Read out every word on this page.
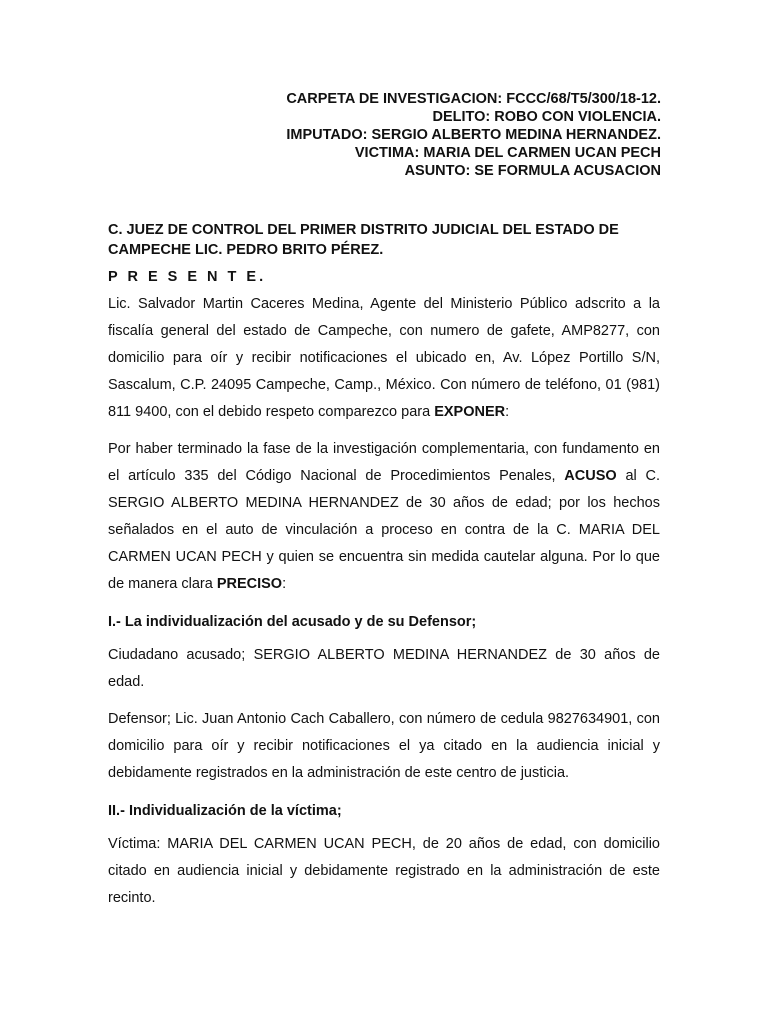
CARPETA DE INVESTIGACION: FCCC/68/T5/300/18-12.
DELITO: ROBO CON VIOLENCIA.
IMPUTADO: SERGIO ALBERTO MEDINA HERNANDEZ.
VICTIMA: MARIA DEL CARMEN UCAN PECH
ASUNTO: SE FORMULA ACUSACION

C. JUEZ DE CONTROL DEL PRIMER DISTRITO JUDICIAL DEL ESTADO DE
CAMPECHE LIC. PEDRO BRITO PÉREZ.

P R E S E N T E.

Lic. Salvador Martin Caceres Medina, Agente del Ministerio Público adscrito a la fiscalía general del estado de Campeche, con numero de gafete, AMP8277, con domicilio para oír y recibir notificaciones el ubicado en, Av. López Portillo S/N, Sascalum, C.P. 24095 Campeche, Camp., México. Con número de teléfono, 01 (981) 811 9400, con el debido respeto comparezco para EXPONER:

Por haber terminado la fase de la investigación complementaria, con fundamento en el artículo 335 del Código Nacional de Procedimientos Penales, ACUSO al C. SERGIO ALBERTO MEDINA HERNANDEZ de 30 años de edad; por los hechos señalados en el auto de vinculación a proceso en contra de la C. MARIA DEL CARMEN UCAN PECH y quien se encuentra sin medida cautelar alguna. Por lo que de manera clara PRECISO:

I.- La individualización del acusado y de su Defensor;

Ciudadano acusado; SERGIO ALBERTO MEDINA HERNANDEZ de 30 años de edad.

Defensor; Lic. Juan Antonio Cach Caballero, con número de cedula 9827634901, con domicilio para oír y recibir notificaciones el ya citado en la audiencia inicial y debidamente registrados en la administración de este centro de justicia.

II.- Individualización de la víctima;

Víctima: MARIA DEL CARMEN UCAN PECH, de 20 años de edad, con domicilio citado en audiencia inicial y debidamente registrado en la administración de este recinto.
